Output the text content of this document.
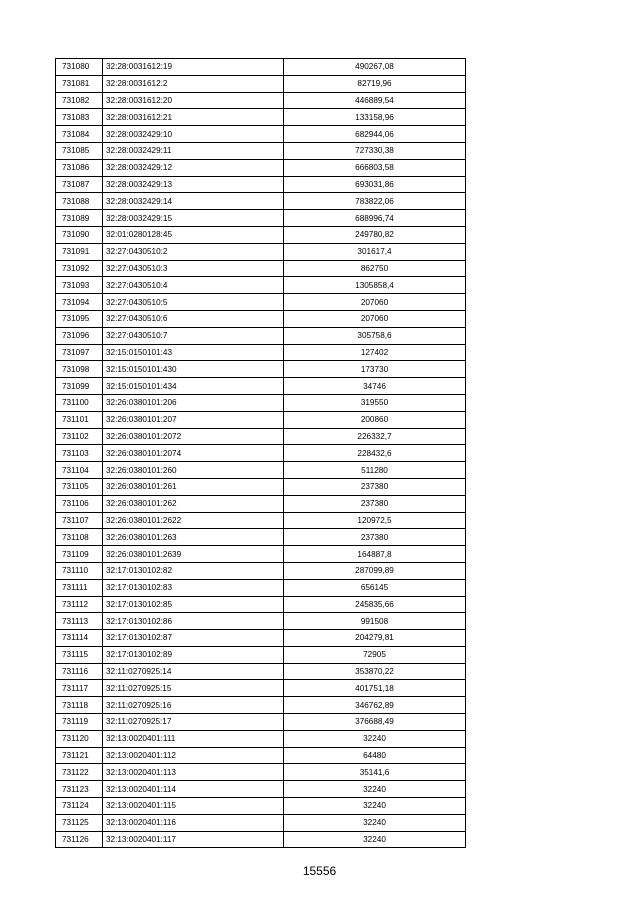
731080	32:28:0031612:19	490267,08
731081	32:28:0031612:2	82719,96
731082	32:28:0031612:20	446889,54
731083	32:28:0031612:21	133158,96
731084	32:28:0032429:10	682944,06
731085	32:28:0032429:11	727330,38
731086	32:28:0032429:12	666803,58
731087	32:28:0032429:13	693031,86
731088	32:28:0032429:14	783822,06
731089	32:28:0032429:15	688996,74
731090	32:01:0280128:45	249780,82
731091	32:27:0430510:2	301617,4
731092	32:27:0430510:3	862750
731093	32:27:0430510:4	1305858,4
731094	32:27:0430510:5	207060
731095	32:27:0430510:6	207060
731096	32:27:0430510:7	305758,6
731097	32:15:0150101:43	127402
731098	32:15:0150101:430	173730
731099	32:15:0150101:434	34746
731100	32:26:0380101:206	319550
731101	32:26:0380101:207	200860
731102	32:26:0380101:2072	226332,7
731103	32:26:0380101:2074	228432,6
731104	32:26:0380101:260	511280
731105	32:26:0380101:261	237380
731106	32:26:0380101:262	237380
731107	32:26:0380101:2622	120972,5
731108	32:26:0380101:263	237380
731109	32:26:0380101:2639	164887,8
731110	32:17:0130102:82	287099,89
731111	32:17:0130102:83	656145
731112	32:17:0130102:85	245835,66
731113	32:17:0130102:86	991508
731114	32:17:0130102:87	204279,81
731115	32:17:0130102:89	72905
731116	32:11:0270925:14	353870,22
731117	32:11:0270925:15	401751,18
731118	32:11:0270925:16	346762,89
731119	32:11:0270925:17	376688,49
731120	32:13:0020401:111	32240
731121	32:13:0020401:112	64480
731122	32:13:0020401:113	35141,6
731123	32:13:0020401:114	32240
731124	32:13:0020401:115	32240
731125	32:13:0020401:116	32240
731126	32:13:0020401:117	32240
15556
